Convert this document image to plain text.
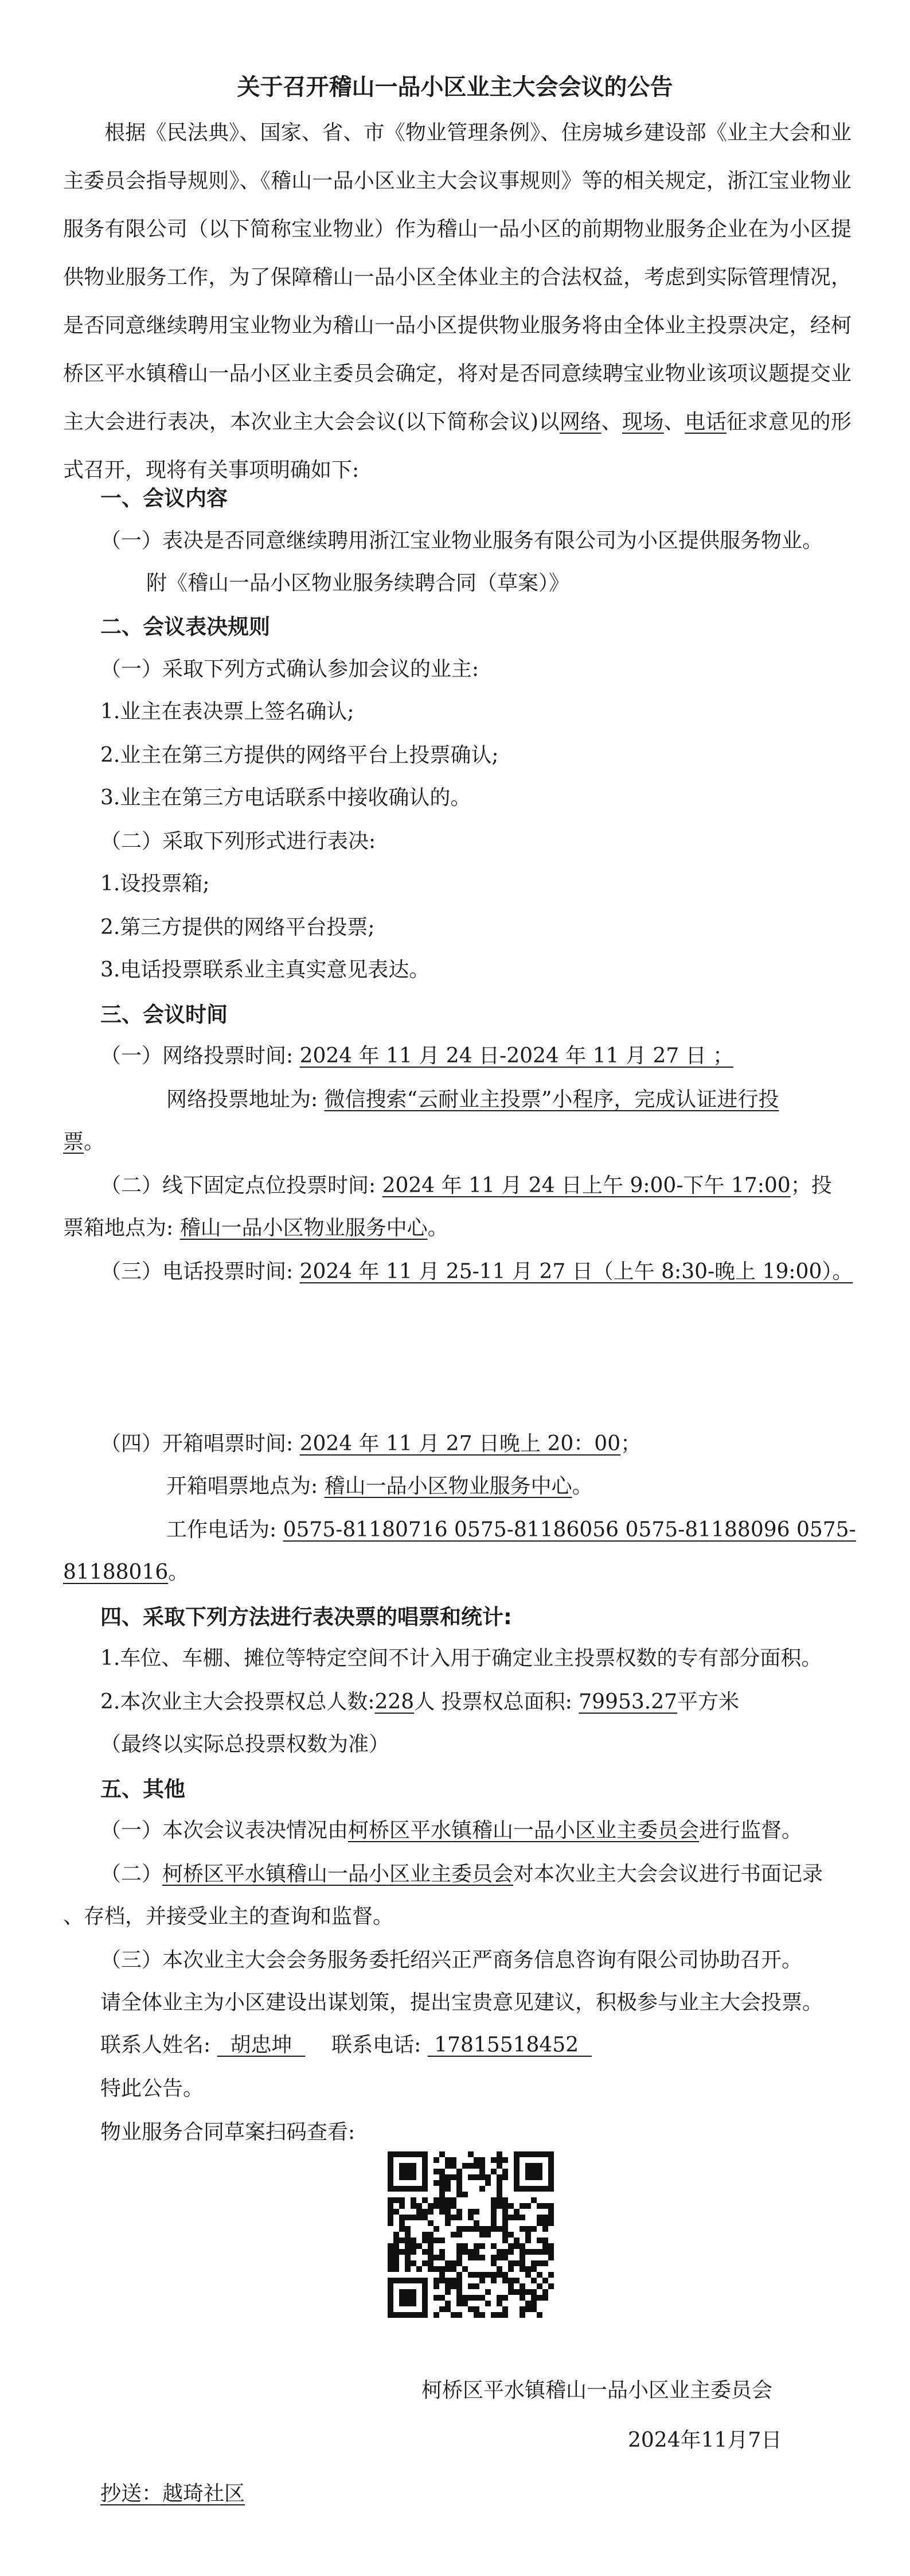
关于召开稽山一品小区业主大会会议的公告
根据《民法典》、国家、省、市《物业管理条例》、住房城乡建设部《业主大会和业主委员会指导规则》、《稽山一品小区业主大会议事规则》等的相关规定，浙江宝业物业服务有限公司（以下简称宝业物业）作为稽山一品小区的前期物业服务企业在为小区提供物业服务工作，为了保障稽山一品小区全体业主的合法权益，考虑到实际管理情况，是否同意继续聘用宝业物业为稽山一品小区提供物业服务将由全体业主投票决定，经柯桥区平水镇稽山一品小区业主委员会确定，将对是否同意续聘宝业物业该项议题提交业主大会进行表决，本次业主大会会议(以下简称会议)以网络、现场、电话征求意见的形式召开，现将有关事项明确如下:
一、会议内容
（一）表决是否同意继续聘用浙江宝业物业服务有限公司为小区提供服务物业。
附《稽山一品小区物业服务续聘合同（草案）》
二、会议表决规则
（一）采取下列方式确认参加会议的业主:
1.业主在表决票上签名确认;
2.业主在第三方提供的网络平台上投票确认;
3.业主在第三方电话联系中接收确认的。
（二）采取下列形式进行表决:
1.设投票箱;
2.第三方提供的网络平台投票;
3.电话投票联系业主真实意见表达。
三、会议时间
（一）网络投票时间: 2024 年 11 月 24 日-2024 年 11 月 27 日 ；
网络投票地址为: 微信搜索“云耐业主投票”小程序，完成认证进行投
票。
（二）线下固定点位投票时间: 2024 年 11 月 24 日上午 9:00-下午 17:00；投
票箱地点为: 稽山一品小区物业服务中心。
（三）电话投票时间: 2024 年 11 月 25-11 月 27 日（上午 8:30-晚上 19:00）。
（四）开箱唱票时间: 2024 年 11 月 27 日晚上 20：00；
开箱唱票地点为: 稽山一品小区物业服务中心。
工作电话为: 0575-81180716 0575-81186056 0575-81188096 0575-
81188016。
四、采取下列方法进行表决票的唱票和统计:
1.车位、车棚、摊位等特定空间不计入用于确定业主投票权数的专有部分面积。
2.本次业主大会投票权总人数:228人 投票权总面积: 79953.27平方米
（最终以实际总投票权数为准）
五、其他
（一）本次会议表决情况由柯桥区平水镇稽山一品小区业主委员会进行监督。
（二）柯桥区平水镇稽山一品小区业主委员会对本次业主大会会议进行书面记录
、存档，并接受业主的查询和监督。
（三）本次业主大会会务服务委托绍兴正严商务信息咨询有限公司协助召开。
请全体业主为小区建设出谋划策，提出宝贵意见建议，积极参与业主大会投票。
联系人姓名:   胡忠坤      联系电话:  17815518452
特此公告。
物业服务合同草案扫码查看:
柯桥区平水镇稽山一品小区业主委员会
2024年11月7日
抄送：越琦社区
